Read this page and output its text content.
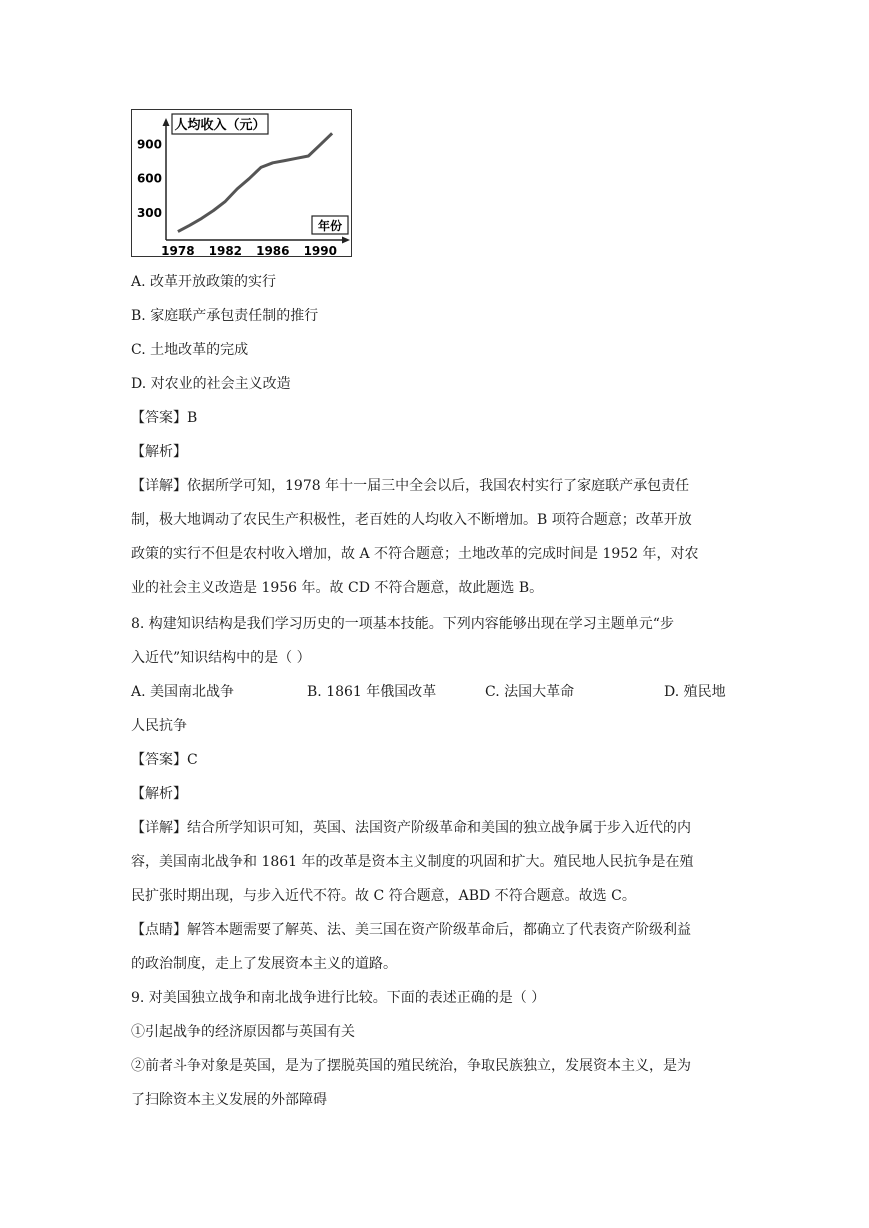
人均收入（元）
年份
300
600
900
1978 1982 1986 1990
A. 改革开放政策的实行
B. 家庭联产承包责任制的推行
C. 土地改革的完成
D. 对农业的社会主义改造
【答案】B
【解析】
【详解】依据所学可知，1978 年十一届三中全会以后，我国农村实行了家庭联产承包责任
制，极大地调动了农民生产积极性，老百姓的人均收入不断增加。B 项符合题意；改革开放
政策的实行不但是农村收入增加，故 A 不符合题意；土地改革的完成时间是 1952 年，对农
业的社会主义改造是 1956 年。故 CD 不符合题意，故此题选 B。
8. 构建知识结构是我们学习历史的一项基本技能。下列内容能够出现在学习主题单元“步
入近代”知识结构中的是（ ）
A. 美国南北战争	B. 1861 年俄国改革	C. 法国大革命	D. 殖民地
人民抗争
【答案】C
【解析】
【详解】结合所学知识可知，英国、法国资产阶级革命和美国的独立战争属于步入近代的内
容，美国南北战争和 1861 年的改革是资本主义制度的巩固和扩大。殖民地人民抗争是在殖
民扩张时期出现，与步入近代不符。故 C 符合题意，ABD 不符合题意。故选 C。
【点睛】解答本题需要了解英、法、美三国在资产阶级革命后，都确立了代表资产阶级利益
的政治制度，走上了发展资本主义的道路。
9. 对美国独立战争和南北战争进行比较。下面的表述正确的是（ ）
①引起战争的经济原因都与英国有关
②前者斗争对象是英国，是为了摆脱英国的殖民统治，争取民族独立，发展资本主义，是为
了扫除资本主义发展的外部障碍
